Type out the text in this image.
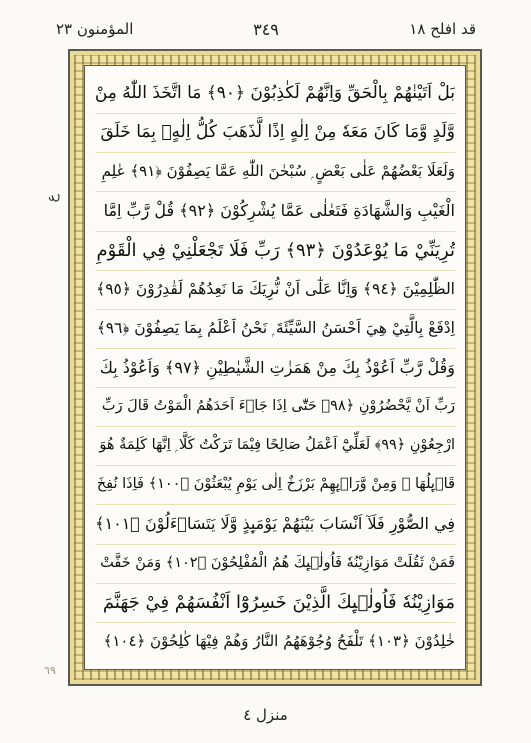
المؤمنون ٢٣	٣٤٩	قد افلح ١٨
ع
٦٩
بَلْ اَتَيْنٰهُمْ بِالْحَقِّ وَاِنَّهُمْ لَكٰذِبُوْنَ ﴿٩٠﴾ مَا اتَّخَذَ اللّٰهُ مِنْ
وَّلَدٍ وَّمَا كَانَ مَعَهٗ مِنْ اِلٰهٍ اِذًا لَّذَهَبَ كُلُّ اِلٰهٍۢ بِمَا خَلَقَ
وَلَعَلَا بَعْضُهُمْ عَلٰى بَعْضٍ ۭ سُبْحٰنَ اللّٰهِ عَمَّا يَصِفُوْنَ ﴿٩١﴾ عٰلِمِ
الْغَيْبِ وَالشَّهَادَةِ فَتَعٰلٰى عَمَّا يُشْرِكُوْنَ ﴿٩٢﴾ قُلْ رَّبِّ اِمَّا
تُرِيَنِّيْ مَا يُوْعَدُوْنَ ﴿٩٣﴾ رَبِّ فَلَا تَجْعَلْنِيْ فِي الْقَوْمِ
الظّٰلِمِيْنَ ﴿٩٤﴾ وَاِنَّا عَلٰٓى اَنْ نُّرِيَكَ مَا نَعِدُهُمْ لَقٰدِرُوْنَ ﴿٩٥﴾
اِدْفَعْ بِالَّتِيْ هِيَ اَحْسَنُ السَّيِّئَةَ ۭ نَحْنُ اَعْلَمُ بِمَا يَصِفُوْنَ ﴿٩٦﴾
وَقُلْ رَّبِّ اَعُوْذُ بِكَ مِنْ هَمَزٰتِ الشَّيٰطِيْنِ ﴿٩٧﴾ وَاَعُوْذُ بِكَ
رَبِّ اَنْ يَّحْضُرُوْنِ ﴿٩٨﴾ حَتّٰٓى اِذَا جَاۗءَ اَحَدَهُمُ الْمَوْتُ قَالَ رَبِّ
ارْجِعُوْنِ ﴿٩٩﴾ لَعَلِّيْٓ اَعْمَلُ صَالِحًا فِيْمَا تَرَكْتُ كَلَّا ۭ اِنَّهَا كَلِمَةٌ هُوَ
قَاۗىِٕلُهَا ۭ وَمِنْ وَّرَاۗىِٕهِمْ بَرْزَخٌ اِلٰى يَوْمِ يُبْعَثُوْنَ ﴿١٠٠﴾ فَاِذَا نُفِخَ
فِي الصُّوْرِ فَلَآ اَنْسَابَ بَيْنَهُمْ يَوْمَىِٕذٍ وَّلَا يَتَسَاۗءَلُوْنَ ﴿١٠١﴾
فَمَنْ ثَقُلَتْ مَوَازِيْنُهٗ فَاُولٰۗىِٕكَ هُمُ الْمُفْلِحُوْنَ ﴿١٠٢﴾ وَمَنْ خَفَّتْ
مَوَازِيْنُهٗ فَاُولٰۗىِٕكَ الَّذِيْنَ خَسِرُوْٓا اَنْفُسَهُمْ فِيْ جَهَنَّمَ
خٰلِدُوْنَ ﴿١٠٣﴾ تَلْفَحُ وُجُوْهَهُمُ النَّارُ وَهُمْ فِيْهَا كٰلِحُوْنَ ﴿١٠٤﴾
منزل ٤
